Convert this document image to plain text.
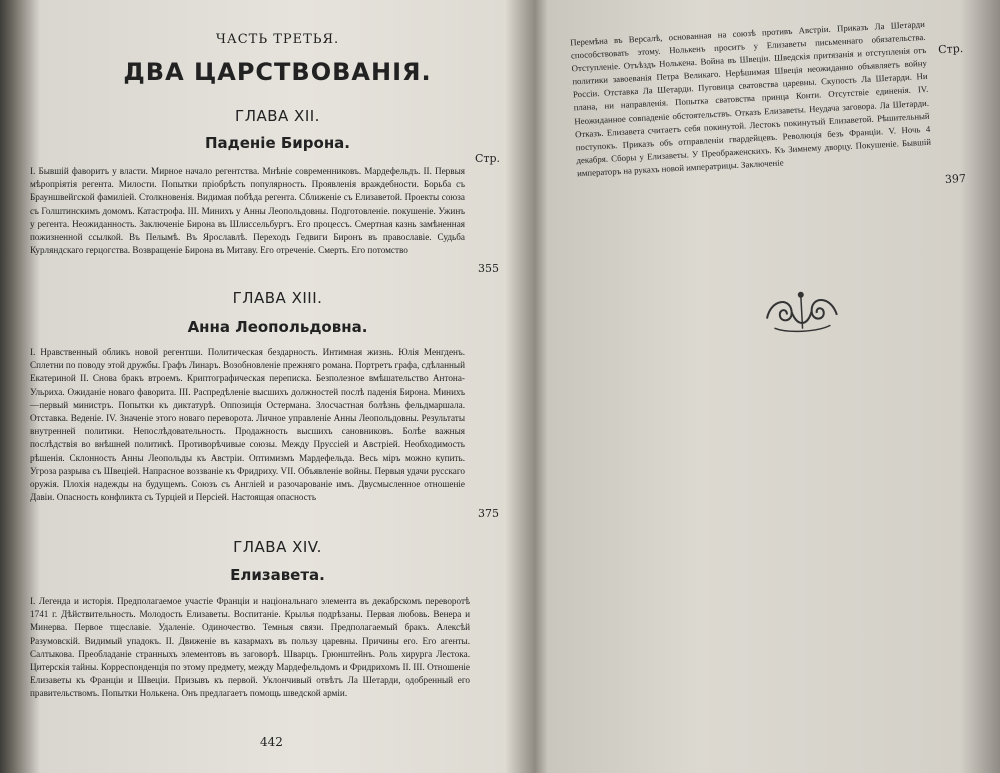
ЧАСТЬ ТРЕТЬЯ.
ДВА ЦАРСТВОВАНІЯ.
ГЛАВА XII.
Паденіе Бирона.
Стр.
I. Бывшій фаворитъ у власти. Мирное начало регентства. Мнѣніе современниковъ. Мардефельдъ. II. Первыя мѣропріятія регента. Милости. Попытки пріобрѣсть популярность. Проявленія враждебности. Борьба съ Брауншвейгской фамиліей. Столкновенія. Видимая побѣда регента. Сближеніе съ Елизаветой. Проекты союза съ Голштинскимъ домомъ. Катастрофа. III. Минихъ у Анны Леопольдовны. Подготовленіе. покушеніе. Ужинъ у регента. Неожиданность. Заключеніе Бирона въ Шлиссельбургъ. Его процессъ. Смертная казнь замѣненная пожизненной ссылкой. Въ Пелымѣ. Въ Ярославлѣ. Переходъ Гедвиги Биронъ въ православіе. Судьба Курляндскаго герцогства. Возвращеніе Бирона въ Митаву. Его отреченіе. Смерть. Его потомство
355
ГЛАВА XIII.
Анна Леопольдовна.
I. Нравственный обликъ новой регентши. Политическая бездарность. Интимная жизнь. Юлія Менгденъ. Сплетни по поводу этой дружбы. Графъ Линаръ. Возобновленіе прежняго романа. Портретъ графа, сдѣланный Екатериной II. Снова бракъ втроемъ. Криптографическая переписка. Безполезное вмѣшательство Антона-Ульриха. Ожиданіе новаго фаворита. III. Распредѣленіе высшихъ должностей послѣ паденія Бирона. Минихъ—первый министръ. Попытки къ диктатурѣ. Оппозиція Остермана. Злосчастная болѣзнь фельдмаршала. Отставка. Веденіе. IV. Значеніе этого новаго переворота. Личное управленіе Анны Леопольдовны. Результаты внутренней политики. Непослѣдовательность. Продажность высшихъ сановниковъ. Болѣе важныя послѣдствія во внѣшней политикѣ. Противорѣчивые союзы. Между Пруссіей и Австріей. Необходимость рѣшенія. Склонность Анны Леопольды къ Австріи. Оптимизмъ Мардефельда. Весь міръ можно купить. Угроза разрыва съ Швеціей. Напрасное воззваніе къ Фридриху. VII. Объявленіе войны. Первыя удачи русскаго оружія. Плохія надежды на будущемъ. Союзъ съ Англіей и разочарованіе имъ. Двусмысленное отношеніе Давіи. Опасность конфликта съ Турціей и Персіей. Настоящая опасность
375
ГЛАВА XIV.
Елизавета.
I. Легенда и исторія. Предполагаемое участіе Франціи и національнаго элемента въ декабрскомъ переворотѣ 1741 г. Дѣйствительность. Молодость Елизаветы. Воспитаніе. Крылья подрѣзаны. Первая любовь. Венера и Минерва. Первое тщеславіе. Удаленіе. Одиночество. Темныя связи. Предполагаемый бракъ. Алексѣй Разумовскій. Видимый упадокъ. II. Движеніе въ казармахъ въ пользу царевны. Причины его. Его агенты. Салтыкова. Преобладаніе странныхъ элементовъ въ заговорѣ. Шварцъ. Грюнштейнъ. Роль хирурга Лестока. Цитерскія тайны. Корреспонденція по этому предмету, между Мардефельдомъ и Фридрихомъ II. III. Отношеніе Елизаветы къ Франціи и Швеціи. Призывъ къ первой. Уклончивый отвѣтъ Ла Шетарди, одобренный его правительствомъ. Попытки Нолькена. Онъ предлагаетъ помощь шведской арміи.
442
Перемѣна въ Версалѣ, основанная на союзѣ противъ Австріи. Приказъ Ла Шетарди способствовать этому. Нолькенъ проситъ у Елизаветы письменнаго обязательства. Отступленіе. Отъѣздъ Нолькена. Война въ Швеціи. Шведскія притязанія и отступленія отъ политики завоеванія Петра Великаго. Нерѣшимая Швеція неожиданно объявляетъ войну Россіи. Отставка Ла Шетарди. Пуговица сватовства царевны. Скупость Ла Шетарди. Ни плана, ни направленія. Попытка сватовства принца Конти. Отсутствіе единенія. IV. Неожиданное совпаденіе обстоятельствъ. Отказъ Елизаветы. Неудача заговора. Ла Шетарди. Отказъ. Елизавета считаетъ себя покинутой. Лестокъ покинутый Елизаветой. Рѣшительный поступокъ. Приказъ объ отправленіи гвардейцевъ. Революція безъ Франціи. V. Ночь 4 декабря. Сборы у Елизаветы. У Преображенскихъ. Къ Зимнему дворцу. Покушеніе. Бывшій императоръ на рукахъ новой императрицы. Заключеніе
Стр.
397
